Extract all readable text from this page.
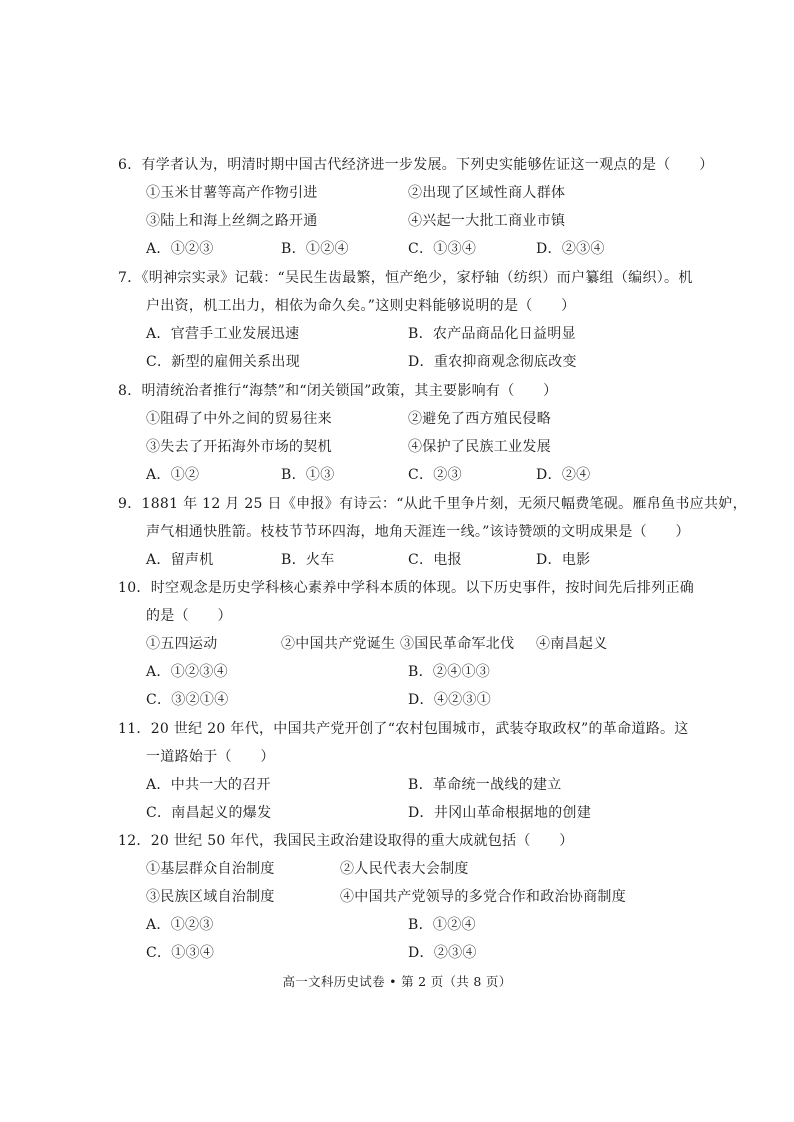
6．有学者认为，明清时期中国古代经济进一步发展。下列史实能够佐证这一观点的是（　　）
①玉米甘薯等高产作物引进	②出现了区域性商人群体
③陆上和海上丝绸之路开通	④兴起一大批工商业市镇
A．①②③	B．①②④	C．①③④	D．②③④
7．《明神宗实录》记载：“吴民生齿最繁，恒产绝少，家杼轴（纺织）而户纂组（编织）。机
户出资，机工出力，相依为命久矣。”这则史料能够说明的是（　　）
A．官营手工业发展迅速	B．农产品商品化日益明显
C．新型的雇佣关系出现	D．重农抑商观念彻底改变
8．明清统治者推行“海禁”和“闭关锁国”政策，其主要影响有（　　）
①阻碍了中外之间的贸易往来	②避免了西方殖民侵略
③失去了开拓海外市场的契机	④保护了民族工业发展
A．①②	B．①③	C．②③	D．②④
9．1881 年 12 月 25 日《申报》有诗云：“从此千里争片刻，无须尺幅费笔砚。雁帛鱼书应共妒，
声气相通快胜箭。枝枝节节环四海，地角天涯连一线。”该诗赞颂的文明成果是（　　）
A．留声机	B．火车	C．电报	D．电影
10．时空观念是历史学科核心素养中学科本质的体现。以下历史事件，按时间先后排列正确
的是（　　）
①五四运动	②中国共产党诞生 ③国民革命军北伐 ④南昌起义
A．①②③④	B．②④①③
C．③②①④	D．④②③①
11．20 世纪 20 年代，中国共产党开创了“农村包围城市，武装夺取政权”的革命道路。这
一道路始于（　　）
A．中共一大的召开	B．革命统一战线的建立
C．南昌起义的爆发	D．井冈山革命根据地的创建
12．20 世纪 50 年代，我国民主政治建设取得的重大成就包括（　　）
①基层群众自治制度	②人民代表大会制度
③民族区域自治制度	④中国共产党领导的多党合作和政治协商制度
A．①②③	B．①②④
C．①③④	D．②③④
高一文科历史试卷 • 第 2 页（共 8 页）
